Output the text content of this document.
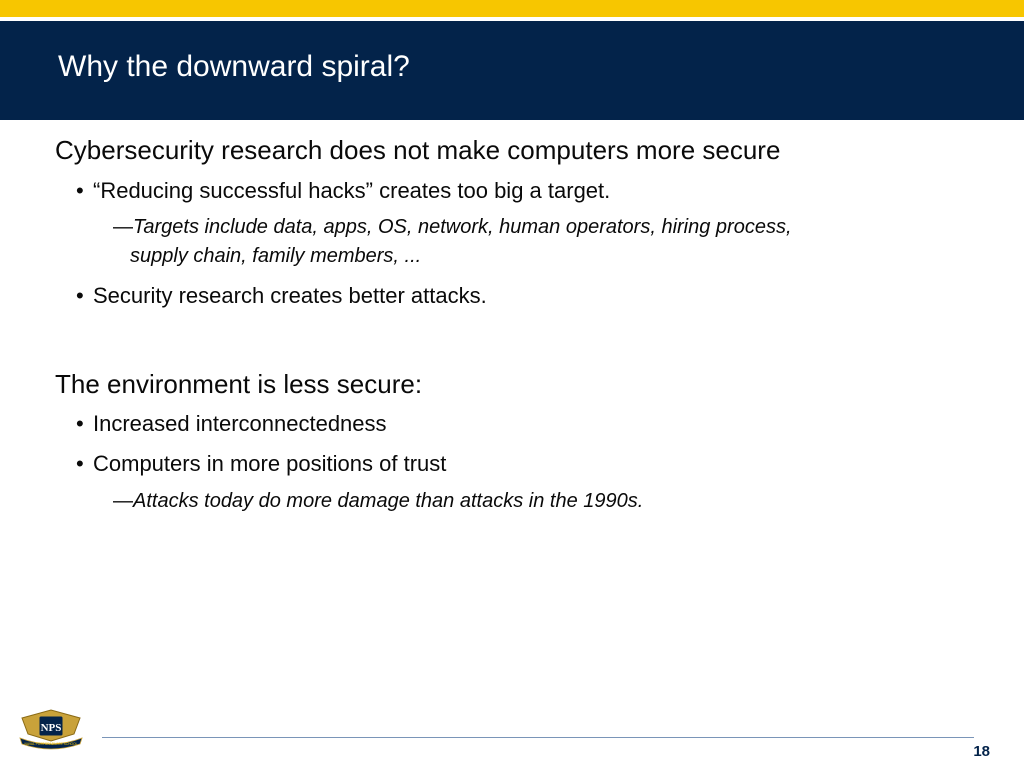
Why the downward spiral?
Cybersecurity research does not make computers more secure
• “Reducing successful hacks” creates too big a target.
—Targets include data, apps, OS, network, human operators, hiring process,
supply chain, family members, ...
• Security research creates better attacks.
The environment is less secure:
• Increased interconnectedness
• Computers in more positions of trust
—Attacks today do more damage than attacks in the 1990s.
NPS
NAVAL POSTGRADUATE SCHOOL	18
